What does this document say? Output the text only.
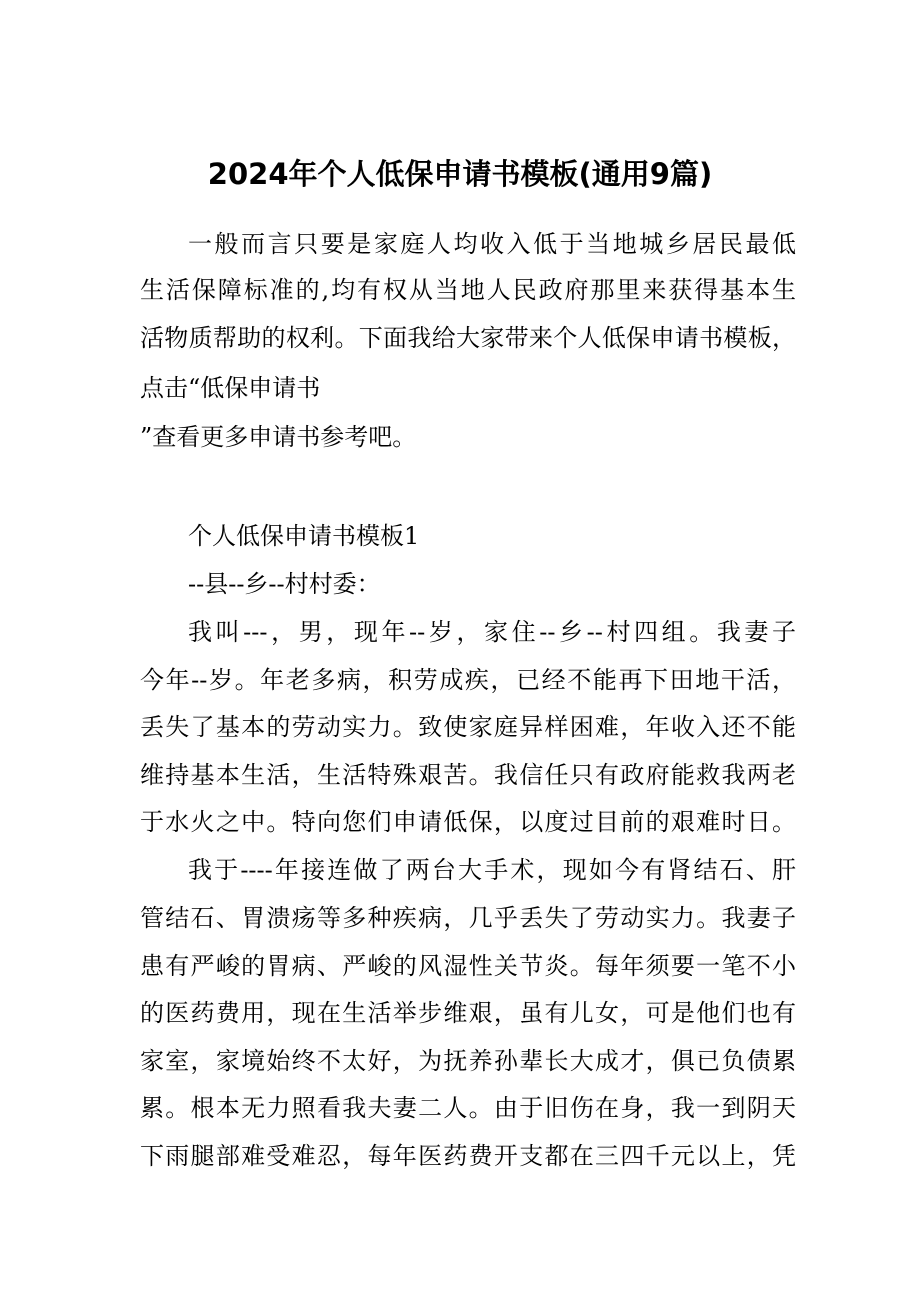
2024年个人低保申请书模板(通用9篇)
一般而言只要是家庭人均收入低于当地城乡居民最低
生活保障标准的,均有权从当地人民政府那里来获得基本生
活物质帮助的权利。下面我给大家带来个人低保申请书模板，
点击“低保申请书
”查看更多申请书参考吧。
个人低保申请书模板1
--县--乡--村村委：
我叫---，男，现年--岁，家住--乡--村四组。我妻子
今年--岁。年老多病，积劳成疾，已经不能再下田地干活，
丢失了基本的劳动实力。致使家庭异样困难，年收入还不能
维持基本生活，生活特殊艰苦。我信任只有政府能救我两老
于水火之中。特向您们申请低保，以度过目前的艰难时日。
我于----年接连做了两台大手术，现如今有肾结石、肝
管结石、胃溃疡等多种疾病，几乎丢失了劳动实力。我妻子
患有严峻的胃病、严峻的风湿性关节炎。每年须要一笔不小
的医药费用，现在生活举步维艰，虽有儿女，可是他们也有
家室，家境始终不太好，为抚养孙辈长大成才，俱已负债累
累。根本无力照看我夫妻二人。由于旧伤在身，我一到阴天
下雨腿部难受难忍，每年医药费开支都在三四千元以上，凭
